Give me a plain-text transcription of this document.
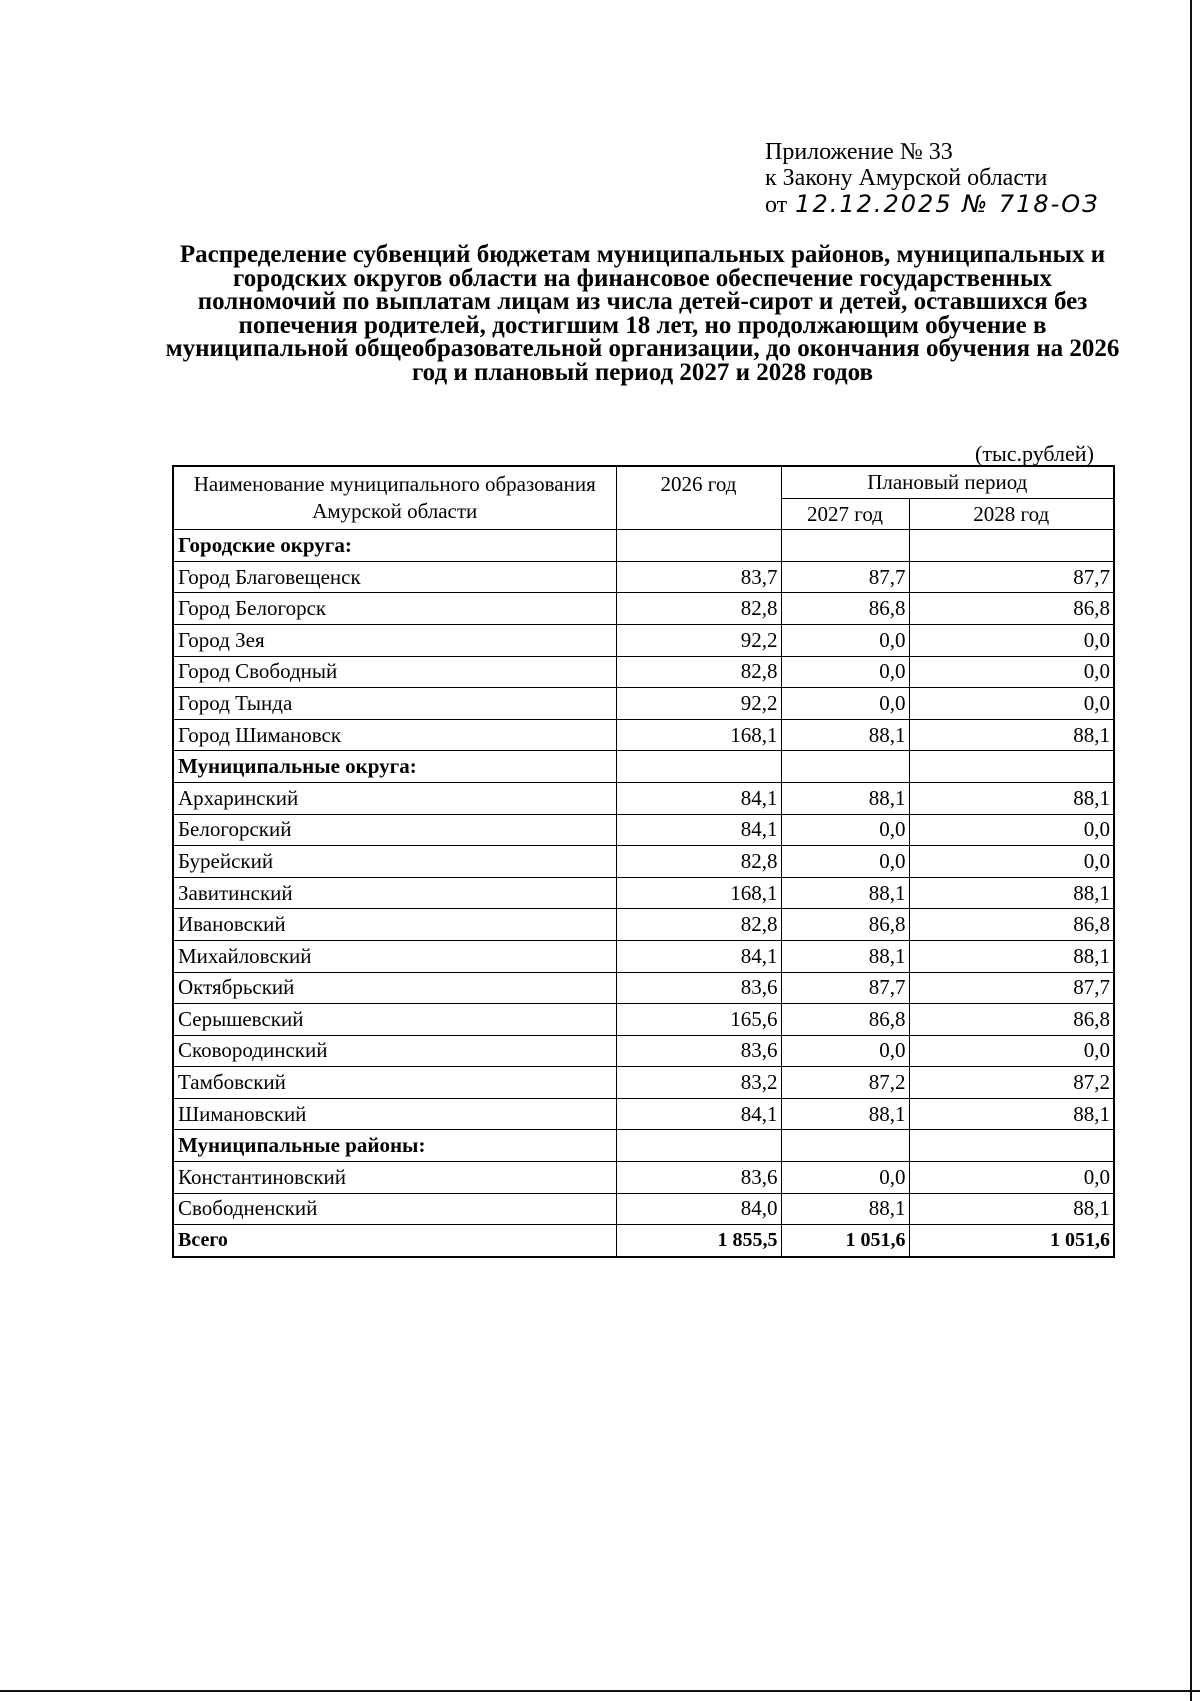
Приложение № 33
к Закону Амурской области
от 12.12.2025 № 718-ОЗ
Распределение субвенций бюджетам муниципальных районов, муниципальных и городских округов области на финансовое обеспечение государственных полномочий по выплатам лицам из числа детей-сирот и детей, оставшихся без попечения родителей, достигшим 18 лет, но продолжающим обучение в муниципальной общеобразовательной организации, до окончания обучения на 2026 год и плановый период 2027 и 2028 годов
(тыс.рублей)
Наименование муниципального образования Амурской области	2026 год	Плановый период	
		2027 год	2028 год
Городские округа:			
Город Благовещенск	83,7	87,7	87,7
Город Белогорск	82,8	86,8	86,8
Город Зея	92,2	0,0	0,0
Город Свободный	82,8	0,0	0,0
Город Тында	92,2	0,0	0,0
Город Шимановск	168,1	88,1	88,1
Муниципальные округа:			
Архаринский	84,1	88,1	88,1
Белогорский	84,1	0,0	0,0
Бурейский	82,8	0,0	0,0
Завитинский	168,1	88,1	88,1
Ивановский	82,8	86,8	86,8
Михайловский	84,1	88,1	88,1
Октябрьский	83,6	87,7	87,7
Серышевский	165,6	86,8	86,8
Сковородинский	83,6	0,0	0,0
Тамбовский	83,2	87,2	87,2
Шимановский	84,1	88,1	88,1
Муниципальные районы:			
Константиновский	83,6	0,0	0,0
Свободненский	84,0	88,1	88,1
Всего	1 855,5	1 051,6	1 051,6
